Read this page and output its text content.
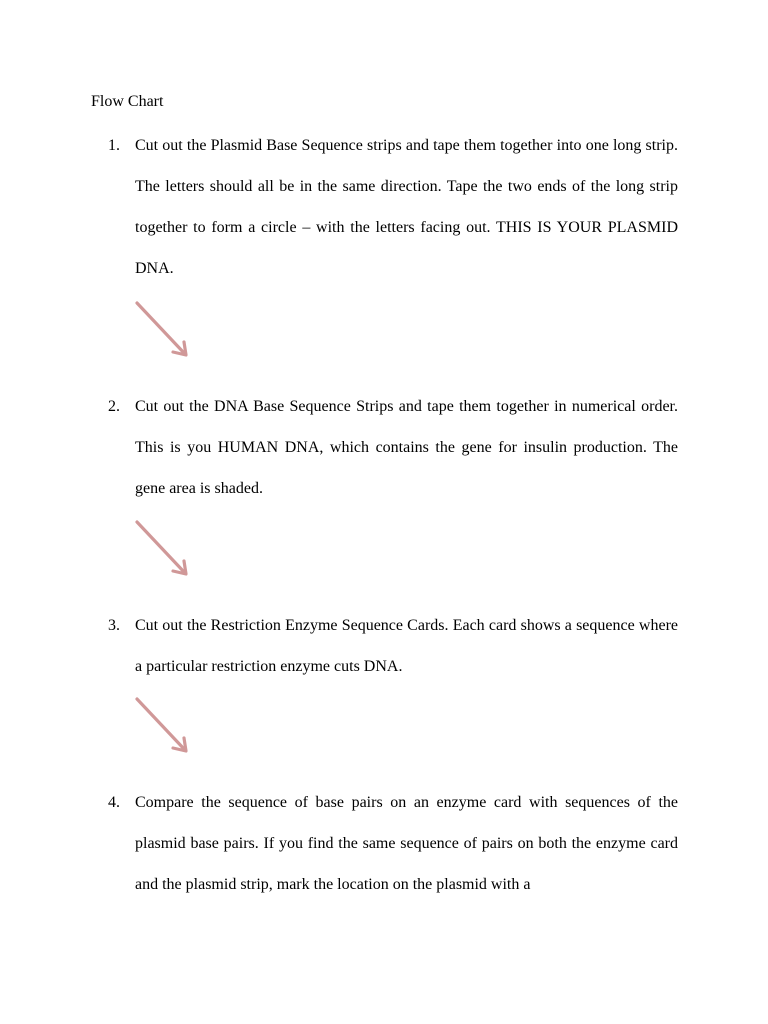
Flow Chart
1. Cut out the Plasmid Base Sequence strips and tape them together into one long strip. The letters should all be in the same direction. Tape the two ends of the long strip together to form a circle – with the letters facing out. THIS IS YOUR PLASMID DNA.

2. Cut out the DNA Base Sequence Strips and tape them together in numerical order. This is you HUMAN DNA, which contains the gene for insulin production. The gene area is shaded.

3. Cut out the Restriction Enzyme Sequence Cards. Each card shows a sequence where a particular restriction enzyme cuts DNA.

4. Compare the sequence of base pairs on an enzyme card with sequences of the plasmid base pairs. If you find the same sequence of pairs on both the enzyme card and the plasmid strip, mark the location on the plasmid with a
